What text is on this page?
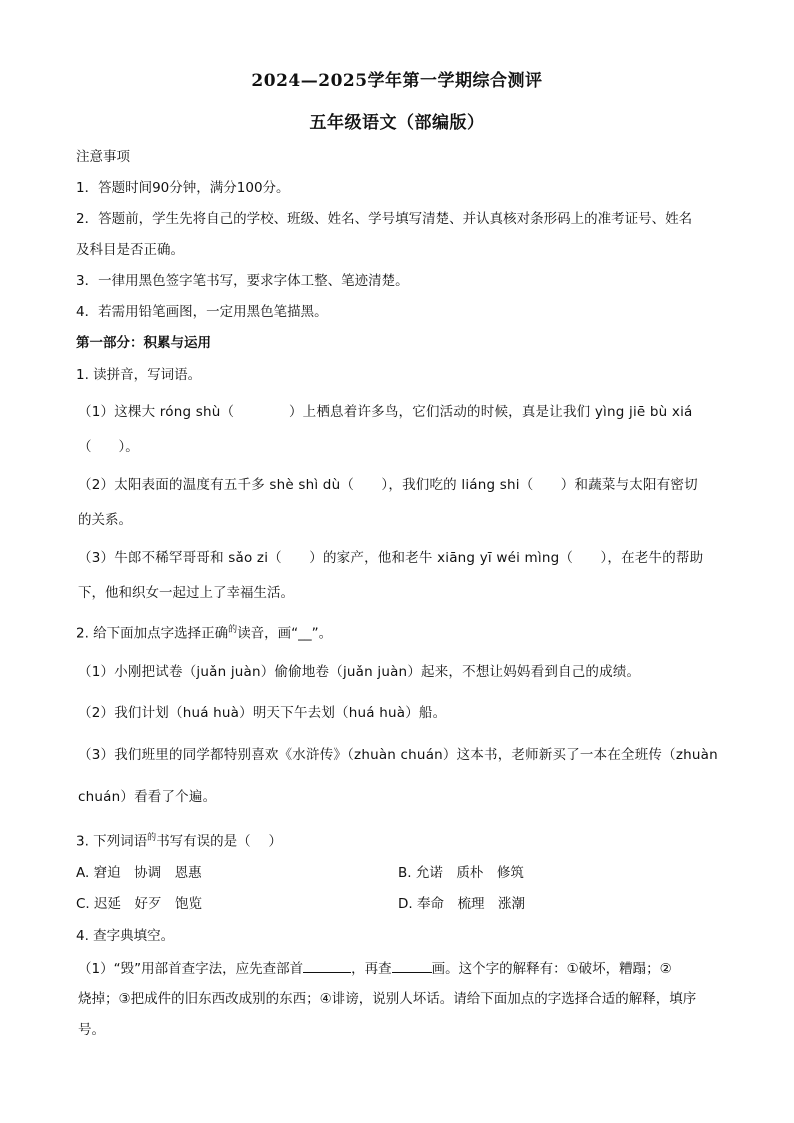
2024—2025学年第一学期综合测评
五年级语文（部编版）
注意事项
1．答题时间90分钟，满分100分。
2．答题前，学生先将自己的学校、班级、姓名、学号填写清楚、并认真核对条形码上的准考证号、姓名
及科目是否正确。
3．一律用黑色签字笔书写，要求字体工整、笔迹清楚。
4．若需用铅笔画图，一定用黑色笔描黑。
第一部分：积累与运用
1. 读拼音，写词语。
（1）这棵大 róng shù（　　　　）上栖息着许多鸟，它们活动的时候，真是让我们 yìng jiē bù xiá
（　　）。
（2）太阳表面的温度有五千多 shè shì dù（　　），我们吃的 liáng shi（　　）和蔬菜与太阳有密切
的关系。
（3）牛郎不稀罕哥哥和 sǎo zi（　　）的家产，他和老牛 xiāng yī wéi mìng（　　），在老牛的帮助
下，他和织女一起过上了幸福生活。
2. 给下面加点字选择正确$^的$读音，画“__”。
（1）小刚把试卷（juǎn juàn）偷偷地卷（juǎn juàn）起来，不想让妈妈看到自己的成绩。
（2）我们计划（huá huà）明天下午去划（huá huà）船。
（3）我们班里的同学都特别喜欢《水浒传》（zhuàn chuán）这本书，老师新买了一本在全班传（zhuàn
chuán）看看了个遍。
3. 下列词语$^的$书写有误的是（　 ）
A. 窘迫　协调　恩惠	B. 允诺　质朴　修筑
C. 迟延　好歹　饱览	D. 奉命　梳理　涨潮
4. 查字典填空。
（1）“毁”用部首查字法，应先查部首	，再查	画。这个字的解释有：①破坏，糟蹋；②
烧掉；③把成件的旧东西改成别的东西；④诽谤，说别人坏话。请给下面加点的字选择合适的解释，填序
号。
